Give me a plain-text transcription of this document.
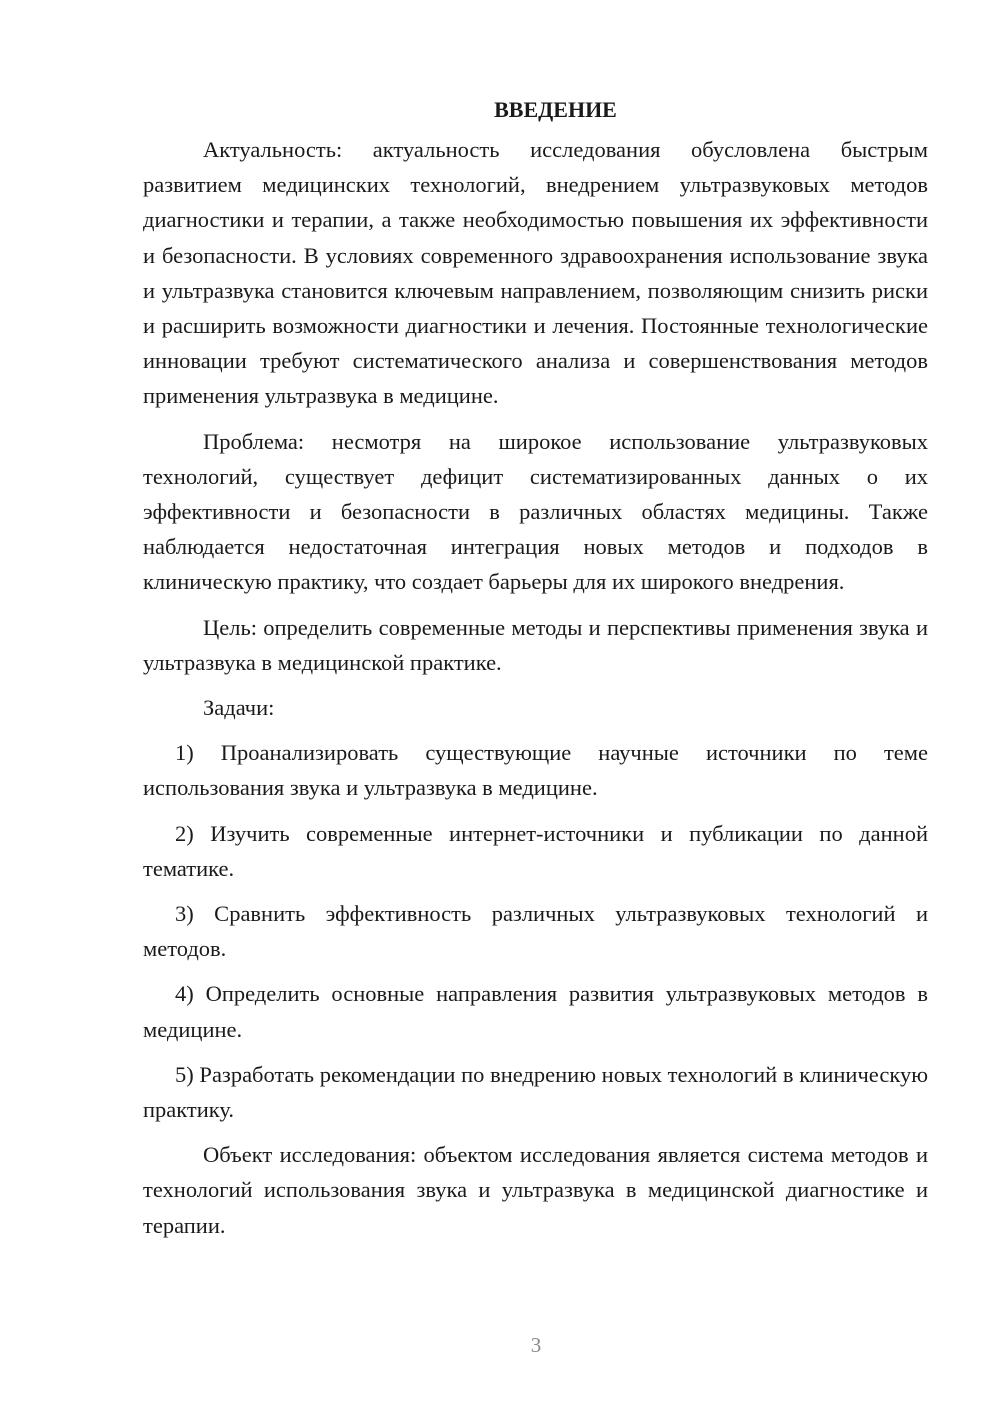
ВВЕДЕНИЕ

Актуальность: актуальность исследования обусловлена быстрым развитием медицинских технологий, внедрением ультразвуковых методов диагностики и терапии, а также необходимостью повышения их эффективности и безопасности. В условиях современного здравоохранения использование звука и ультразвука становится ключевым направлением, позволяющим снизить риски и расширить возможности диагностики и лечения. Постоянные технологические инновации требуют систематического анализа и совершенствования методов применения ультразвука в медицине.

Проблема: несмотря на широкое использование ультразвуковых технологий, существует дефицит систематизированных данных о их эффективности и безопасности в различных областях медицины. Также наблюдается недостаточная интеграция новых методов и подходов в клиническую практику, что создает барьеры для их широкого внедрения.

Цель: определить современные методы и перспективы применения звука и ультразвука в медицинской практике.

Задачи:

1) Проанализировать существующие научные источники по теме использования звука и ультразвука в медицине.

2) Изучить современные интернет-источники и публикации по данной тематике.

3) Сравнить эффективность различных ультразвуковых технологий и методов.

4) Определить основные направления развития ультразвуковых методов в медицине.

5) Разработать рекомендации по внедрению новых технологий в клиническую практику.

Объект исследования: объектом исследования является система методов и технологий использования звука и ультразвука в медицинской диагностике и терапии.

3
